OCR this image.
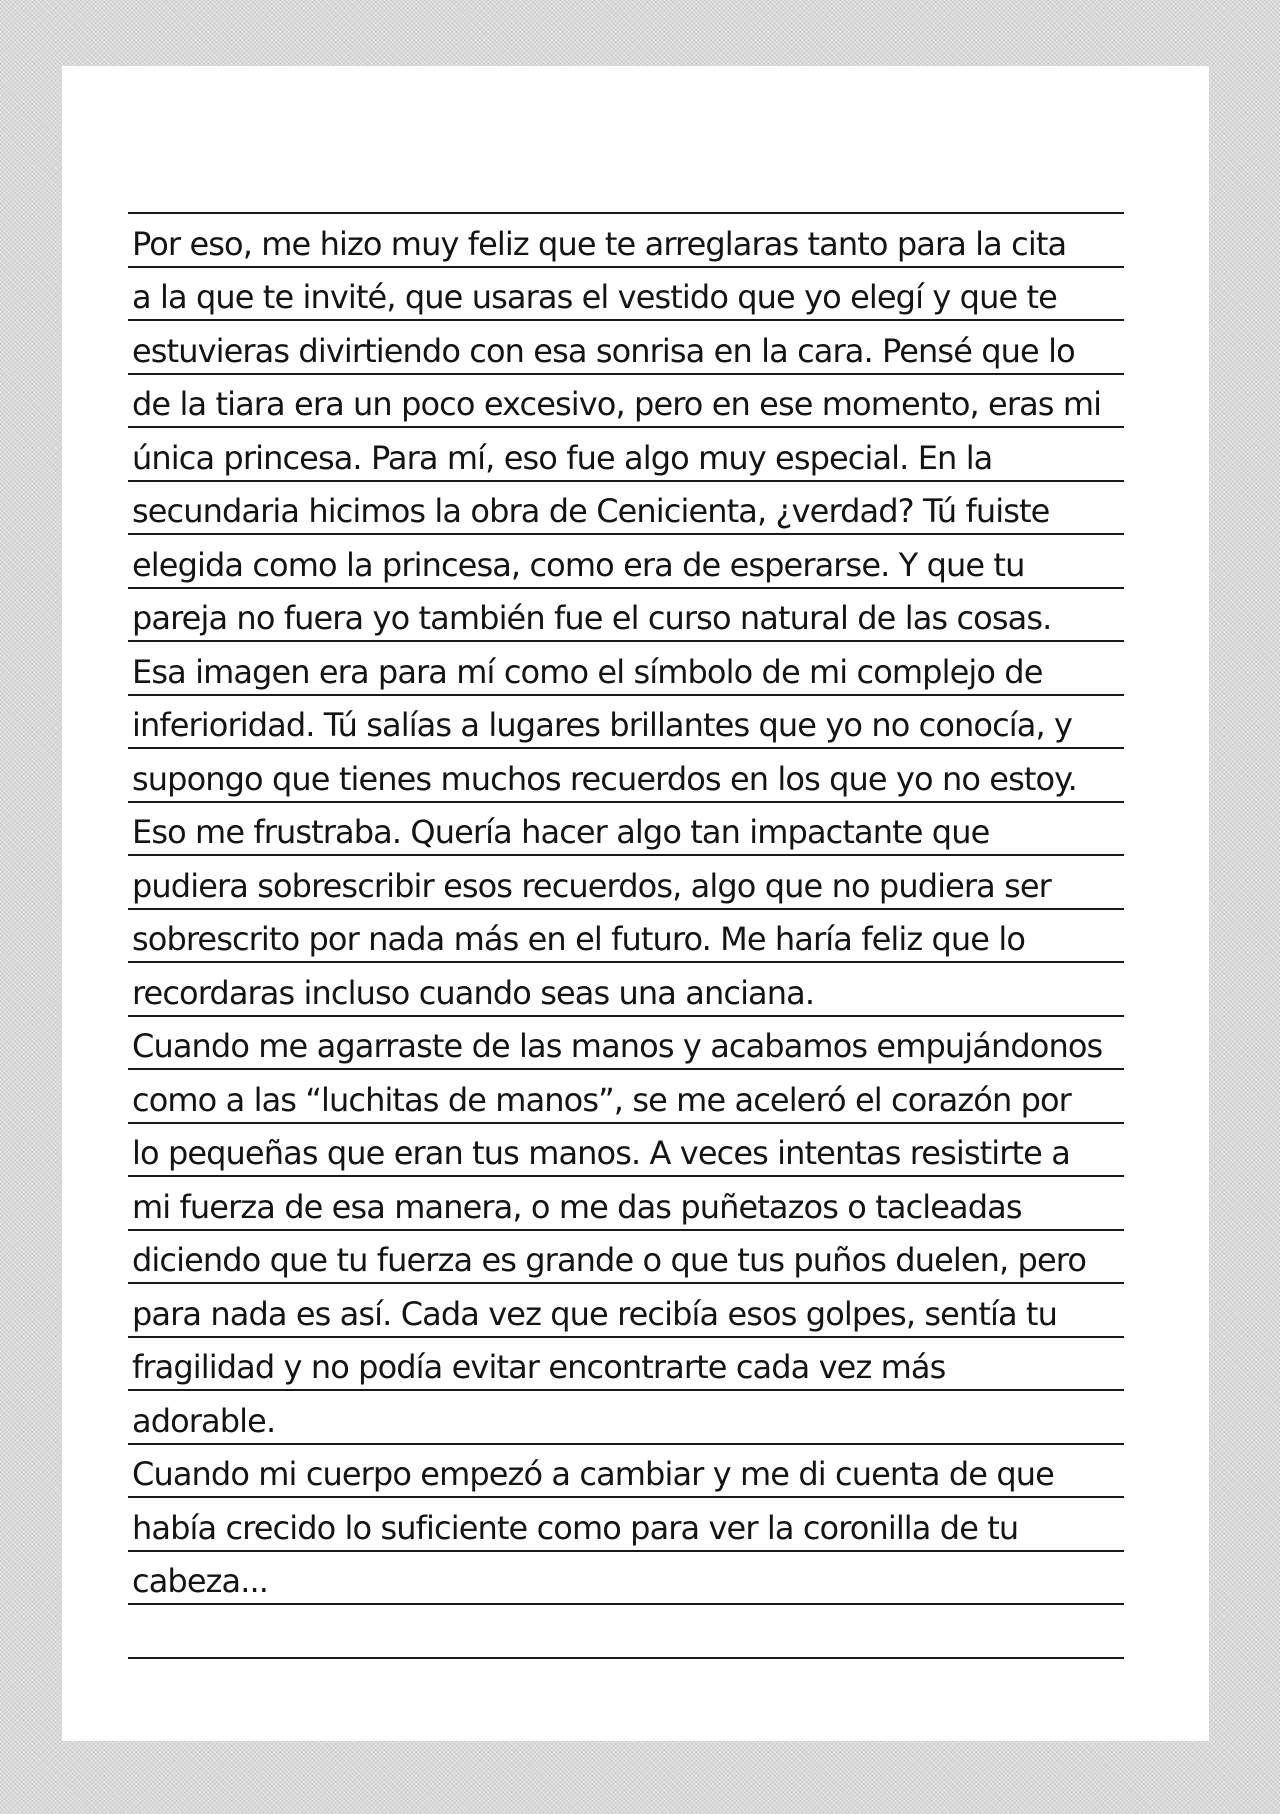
Por eso, me hizo muy feliz que te arreglaras tanto para la cita
a la que te invité, que usaras el vestido que yo elegí y que te
estuvieras divirtiendo con esa sonrisa en la cara. Pensé que lo
de la tiara era un poco excesivo, pero en ese momento, eras mi
única princesa. Para mí, eso fue algo muy especial. En la
secundaria hicimos la obra de Cenicienta, ¿verdad? Tú fuiste
elegida como la princesa, como era de esperarse. Y que tu
pareja no fuera yo también fue el curso natural de las cosas.
Esa imagen era para mí como el símbolo de mi complejo de
inferioridad. Tú salías a lugares brillantes que yo no conocía, y
supongo que tienes muchos recuerdos en los que yo no estoy.
Eso me frustraba. Quería hacer algo tan impactante que
pudiera sobrescribir esos recuerdos, algo que no pudiera ser
sobrescrito por nada más en el futuro. Me haría feliz que lo
recordaras incluso cuando seas una anciana.
Cuando me agarraste de las manos y acabamos empujándonos
como a las “luchitas de manos”, se me aceleró el corazón por
lo pequeñas que eran tus manos. A veces intentas resistirte a
mi fuerza de esa manera, o me das puñetazos o tacleadas
diciendo que tu fuerza es grande o que tus puños duelen, pero
para nada es así. Cada vez que recibía esos golpes, sentía tu
fragilidad y no podía evitar encontrarte cada vez más
adorable.
Cuando mi cuerpo empezó a cambiar y me di cuenta de que
había crecido lo suficiente como para ver la coronilla de tu
cabeza...
